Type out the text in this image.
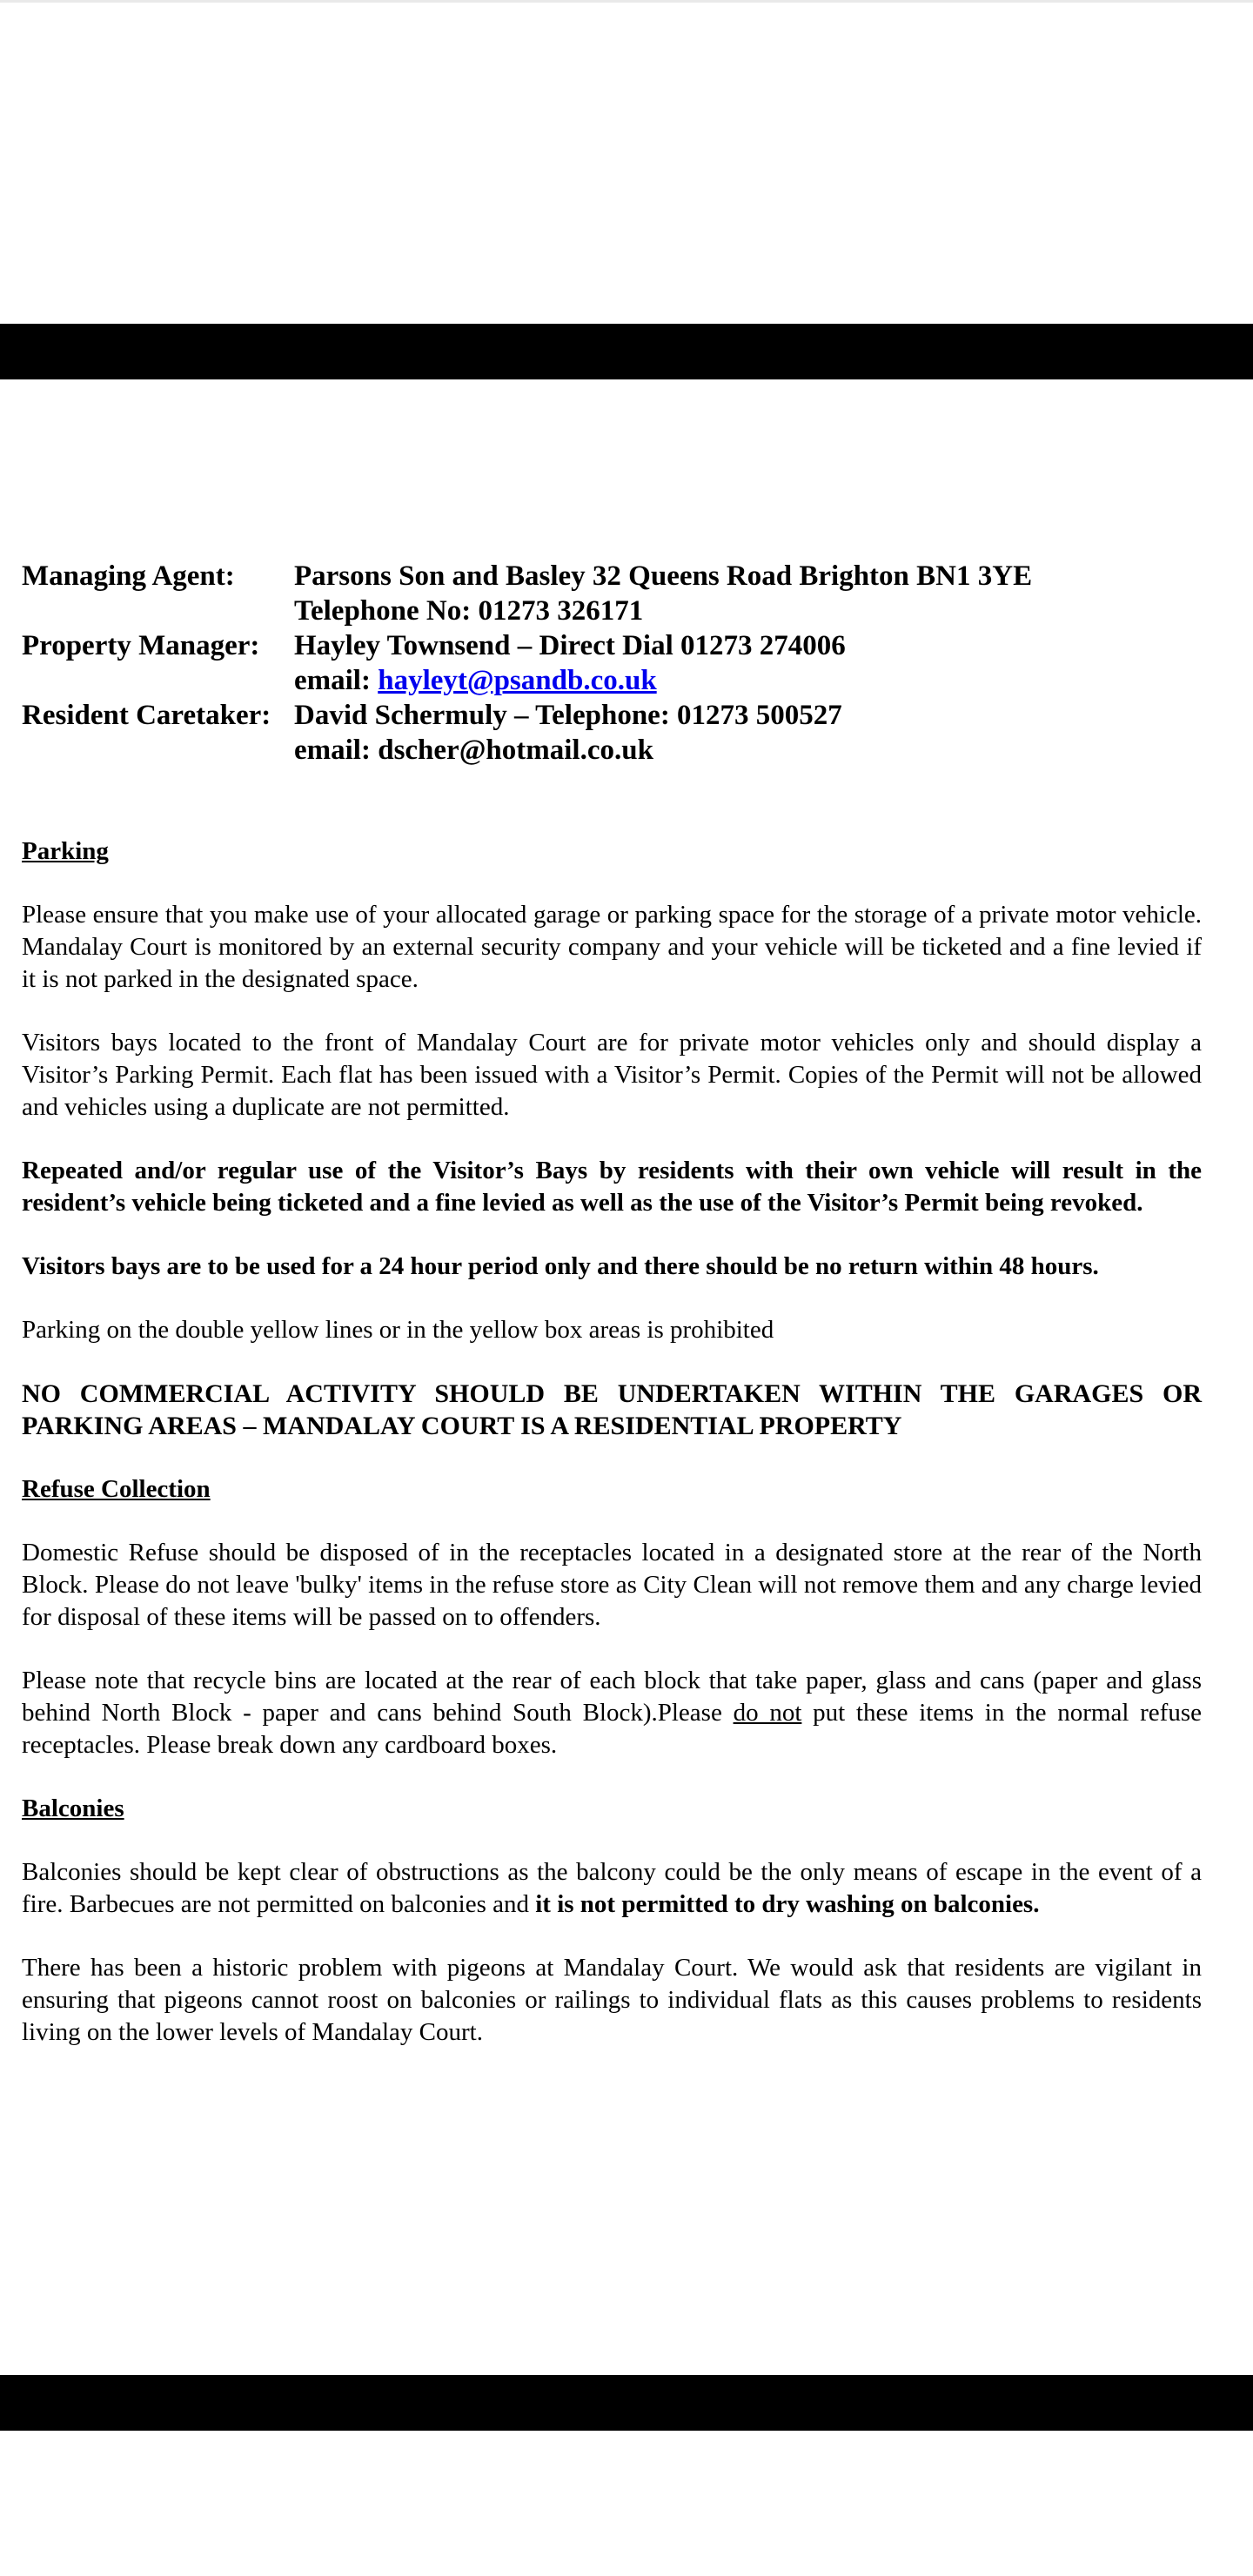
Managing Agent:	Parsons Son and Basley 32 Queens Road Brighton BN1 3YE
Telephone No: 01273 326171
Property Manager:	Hayley Townsend – Direct Dial 01273 274006
email: hayleyt@psandb.co.uk
Resident Caretaker: David Schermuly – Telephone: 01273 500527
email: dscher@hotmail.co.uk
Parking

Please ensure that you make use of your allocated garage or parking space for the storage of a private motor vehicle. Mandalay Court is monitored by an external security company and your vehicle will be ticketed and a fine levied if it is not parked in the designated space.

Visitors bays located to the front of Mandalay Court are for private motor vehicles only and should display a Visitor’s Parking Permit. Each flat has been issued with a Visitor’s Permit. Copies of the Permit will not be allowed and vehicles using a duplicate are not permitted.

Repeated and/or regular use of the Visitor’s Bays by residents with their own vehicle will result in the resident’s vehicle being ticketed and a fine levied as well as the use of the Visitor’s Permit being revoked.

Visitors bays are to be used for a 24 hour period only and there should be no return within 48 hours.

Parking on the double yellow lines or in the yellow box areas is prohibited

NO COMMERCIAL ACTIVITY SHOULD BE UNDERTAKEN WITHIN THE GARAGES OR PARKING AREAS – MANDALAY COURT IS A RESIDENTIAL PROPERTY

Refuse Collection

Domestic Refuse should be disposed of in the receptacles located in a designated store at the rear of the North Block. Please do not leave 'bulky' items in the refuse store as City Clean will not remove them and any charge levied for disposal of these items will be passed on to offenders.

Please note that recycle bins are located at the rear of each block that take paper, glass and cans (paper and glass behind North Block - paper and cans behind South Block).Please do not put these items in the normal refuse receptacles. Please break down any cardboard boxes.

Balconies

Balconies should be kept clear of obstructions as the balcony could be the only means of escape in the event of a fire. Barbecues are not permitted on balconies and it is not permitted to dry washing on balconies.

There has been a historic problem with pigeons at Mandalay Court. We would ask that residents are vigilant in ensuring that pigeons cannot roost on balconies or railings to individual flats as this causes problems to residents living on the lower levels of Mandalay Court.
